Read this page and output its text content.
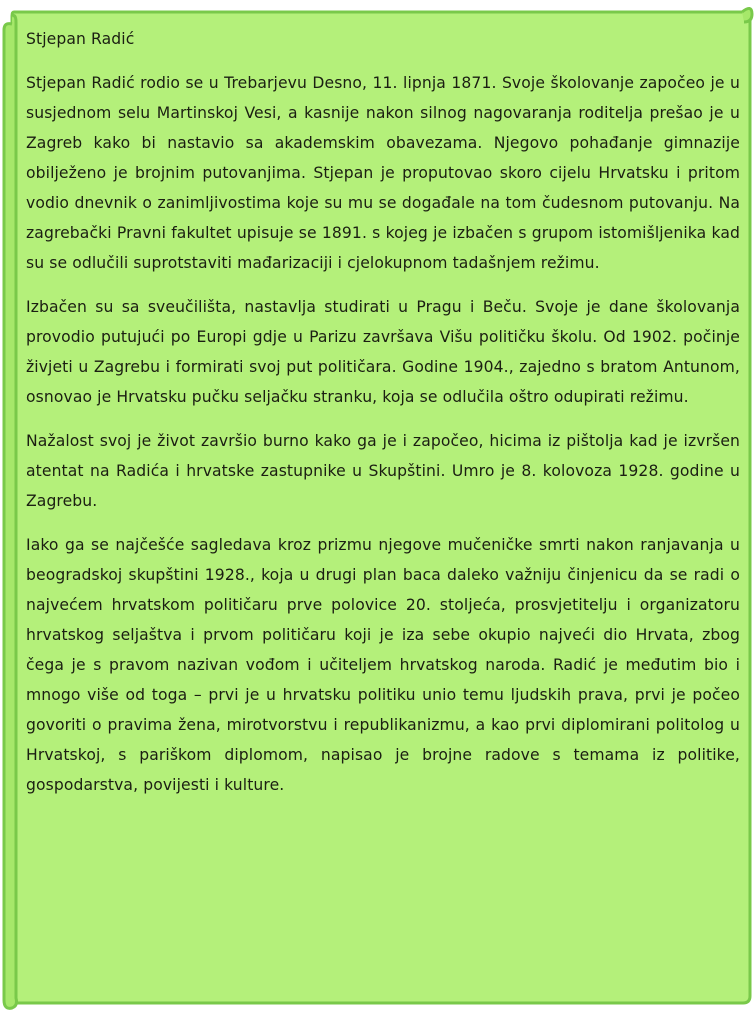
Stjepan Radić

Stjepan Radić rodio se u Trebarjevu Desno, 11. lipnja 1871. Svoje školovanje započeo je u susjednom selu Martinskoj Vesi, a kasnije nakon silnog nagovaranja roditelja prešao je u Zagreb kako bi nastavio sa akademskim obavezama. Njegovo pohađanje gimnazije obilježeno je brojnim putovanjima. Stjepan je proputovao skoro cijelu Hrvatsku i pritom vodio dnevnik o zanimljivostima koje su mu se događale na tom čudesnom putovanju. Na zagrebački Pravni fakultet upisuje se 1891. s kojeg je izbačen s grupom istomišljenika kad su se odlučili suprotstaviti mađarizaciji i cjelokupnom tadašnjem režimu.

Izbačen su sa sveučilišta, nastavlja studirati u Pragu i Beču. Svoje je dane školovanja provodio putujući po Europi gdje u Parizu završava Višu političku školu. Od 1902. počinje živjeti u Zagrebu i formirati svoj put političara. Godine 1904., zajedno s bratom Antunom, osnovao je Hrvatsku pučku seljačku stranku, koja se odlučila oštro odupirati režimu.

Nažalost svoj je život završio burno kako ga je i započeo, hicima iz pištolja kad je izvršen atentat na Radića i hrvatske zastupnike u Skupštini. Umro je 8. kolovoza 1928. godine u Zagrebu.

Iako ga se najčešće sagledava kroz prizmu njegove mučeničke smrti nakon ranjavanja u beogradskoj skupštini 1928., koja u drugi plan baca daleko važniju činjenicu da se radi o najvećem hrvatskom političaru prve polovice 20. stoljeća, prosvjetitelju i organizatoru hrvatskog seljaštva i prvom političaru koji je iza sebe okupio najveći dio Hrvata, zbog čega je s pravom nazivan vođom i učiteljem hrvatskog naroda. Radić je međutim bio i mnogo više od toga – prvi je u hrvatsku politiku unio temu ljudskih prava, prvi je počeo govoriti o pravima žena, mirotvorstvu i republikanizmu, a kao prvi diplomirani politolog u Hrvatskoj, s pariškom diplomom, napisao je brojne radove s temama iz politike, gospodarstva, povijesti i kulture.
